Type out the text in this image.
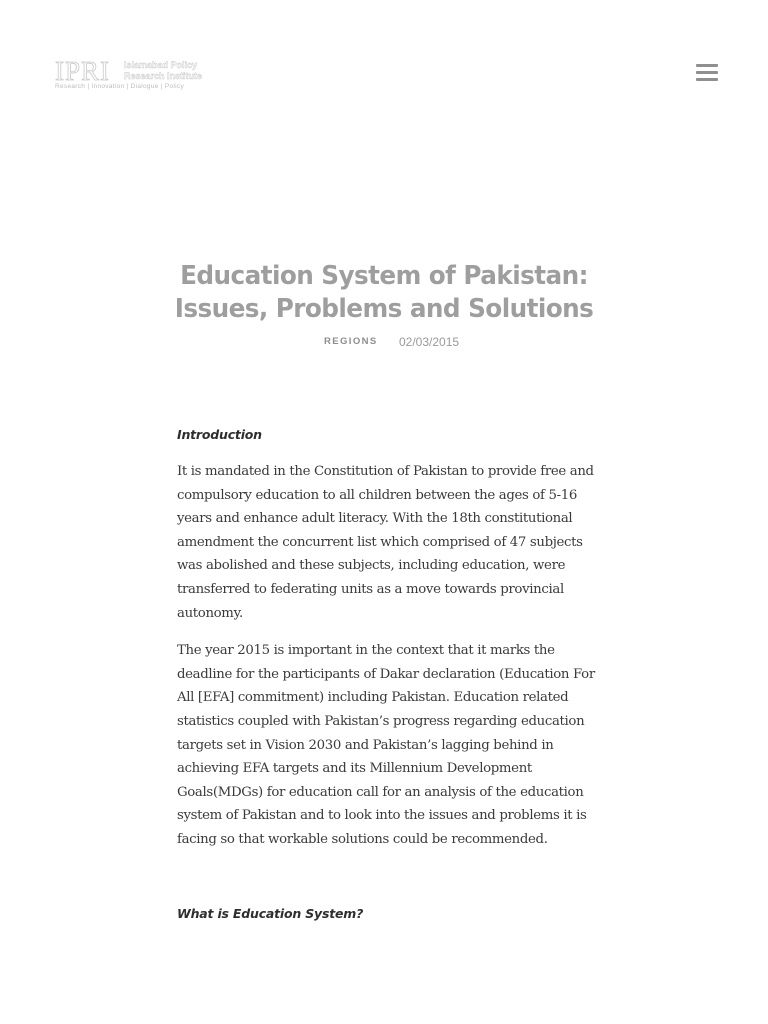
IPRI Islamabad Policy
Research Institute
Research | Innovation | Dialogue | Policy
Education System of Pakistan:
Issues, Problems and Solutions
REGIONS 02/03/2015

Introduction

It is mandated in the Constitution of Pakistan to provide free and compulsory education to all children between the ages of 5-16 years and enhance adult literacy. With the 18th constitutional amendment the concurrent list which comprised of 47 subjects was abolished and these subjects, including education, were transferred to federating units as a move towards provincial autonomy.

The year 2015 is important in the context that it marks the deadline for the participants of Dakar declaration (Education For All [EFA] commitment) including Pakistan. Education related statistics coupled with Pakistan’s progress regarding education targets set in Vision 2030 and Pakistan’s lagging behind in achieving EFA targets and its Millennium Development Goals(MDGs) for education call for an analysis of the education system of Pakistan and to look into the issues and problems it is facing so that workable solutions could be recommended.

What is Education System?
